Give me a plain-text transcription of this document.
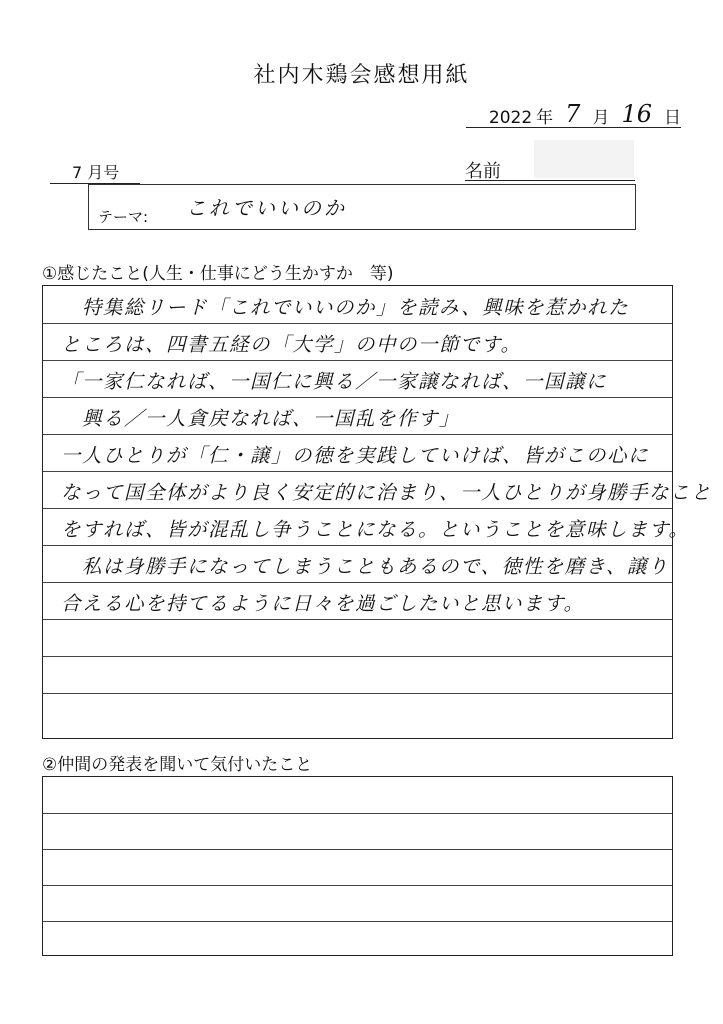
社内木鶏会感想用紙
2022 年 7 月 16 日
7 月号	名前
テーマ: これでいいのか
①感じたこと(人生・仕事にどう生かすか　等)
　特集総リード「これでいいのか」を読み、興味を惹かれた
ところは、四書五経の「大学」の中の一節です。
「一家仁なれば、一国仁に興る／一家譲なれば、一国譲に
　興る／一人貪戻なれば、一国乱を作す」
一人ひとりが「仁・譲」の徳を実践していけば、皆がこの心に
なって国全体がより良く安定的に治まり、一人ひとりが身勝手なこと
をすれば、皆が混乱し争うことになる。ということを意味します。
　私は身勝手になってしまうこともあるので、徳性を磨き、譲り
合える心を持てるように日々を過ごしたいと思います。
②仲間の発表を聞いて気付いたこと
